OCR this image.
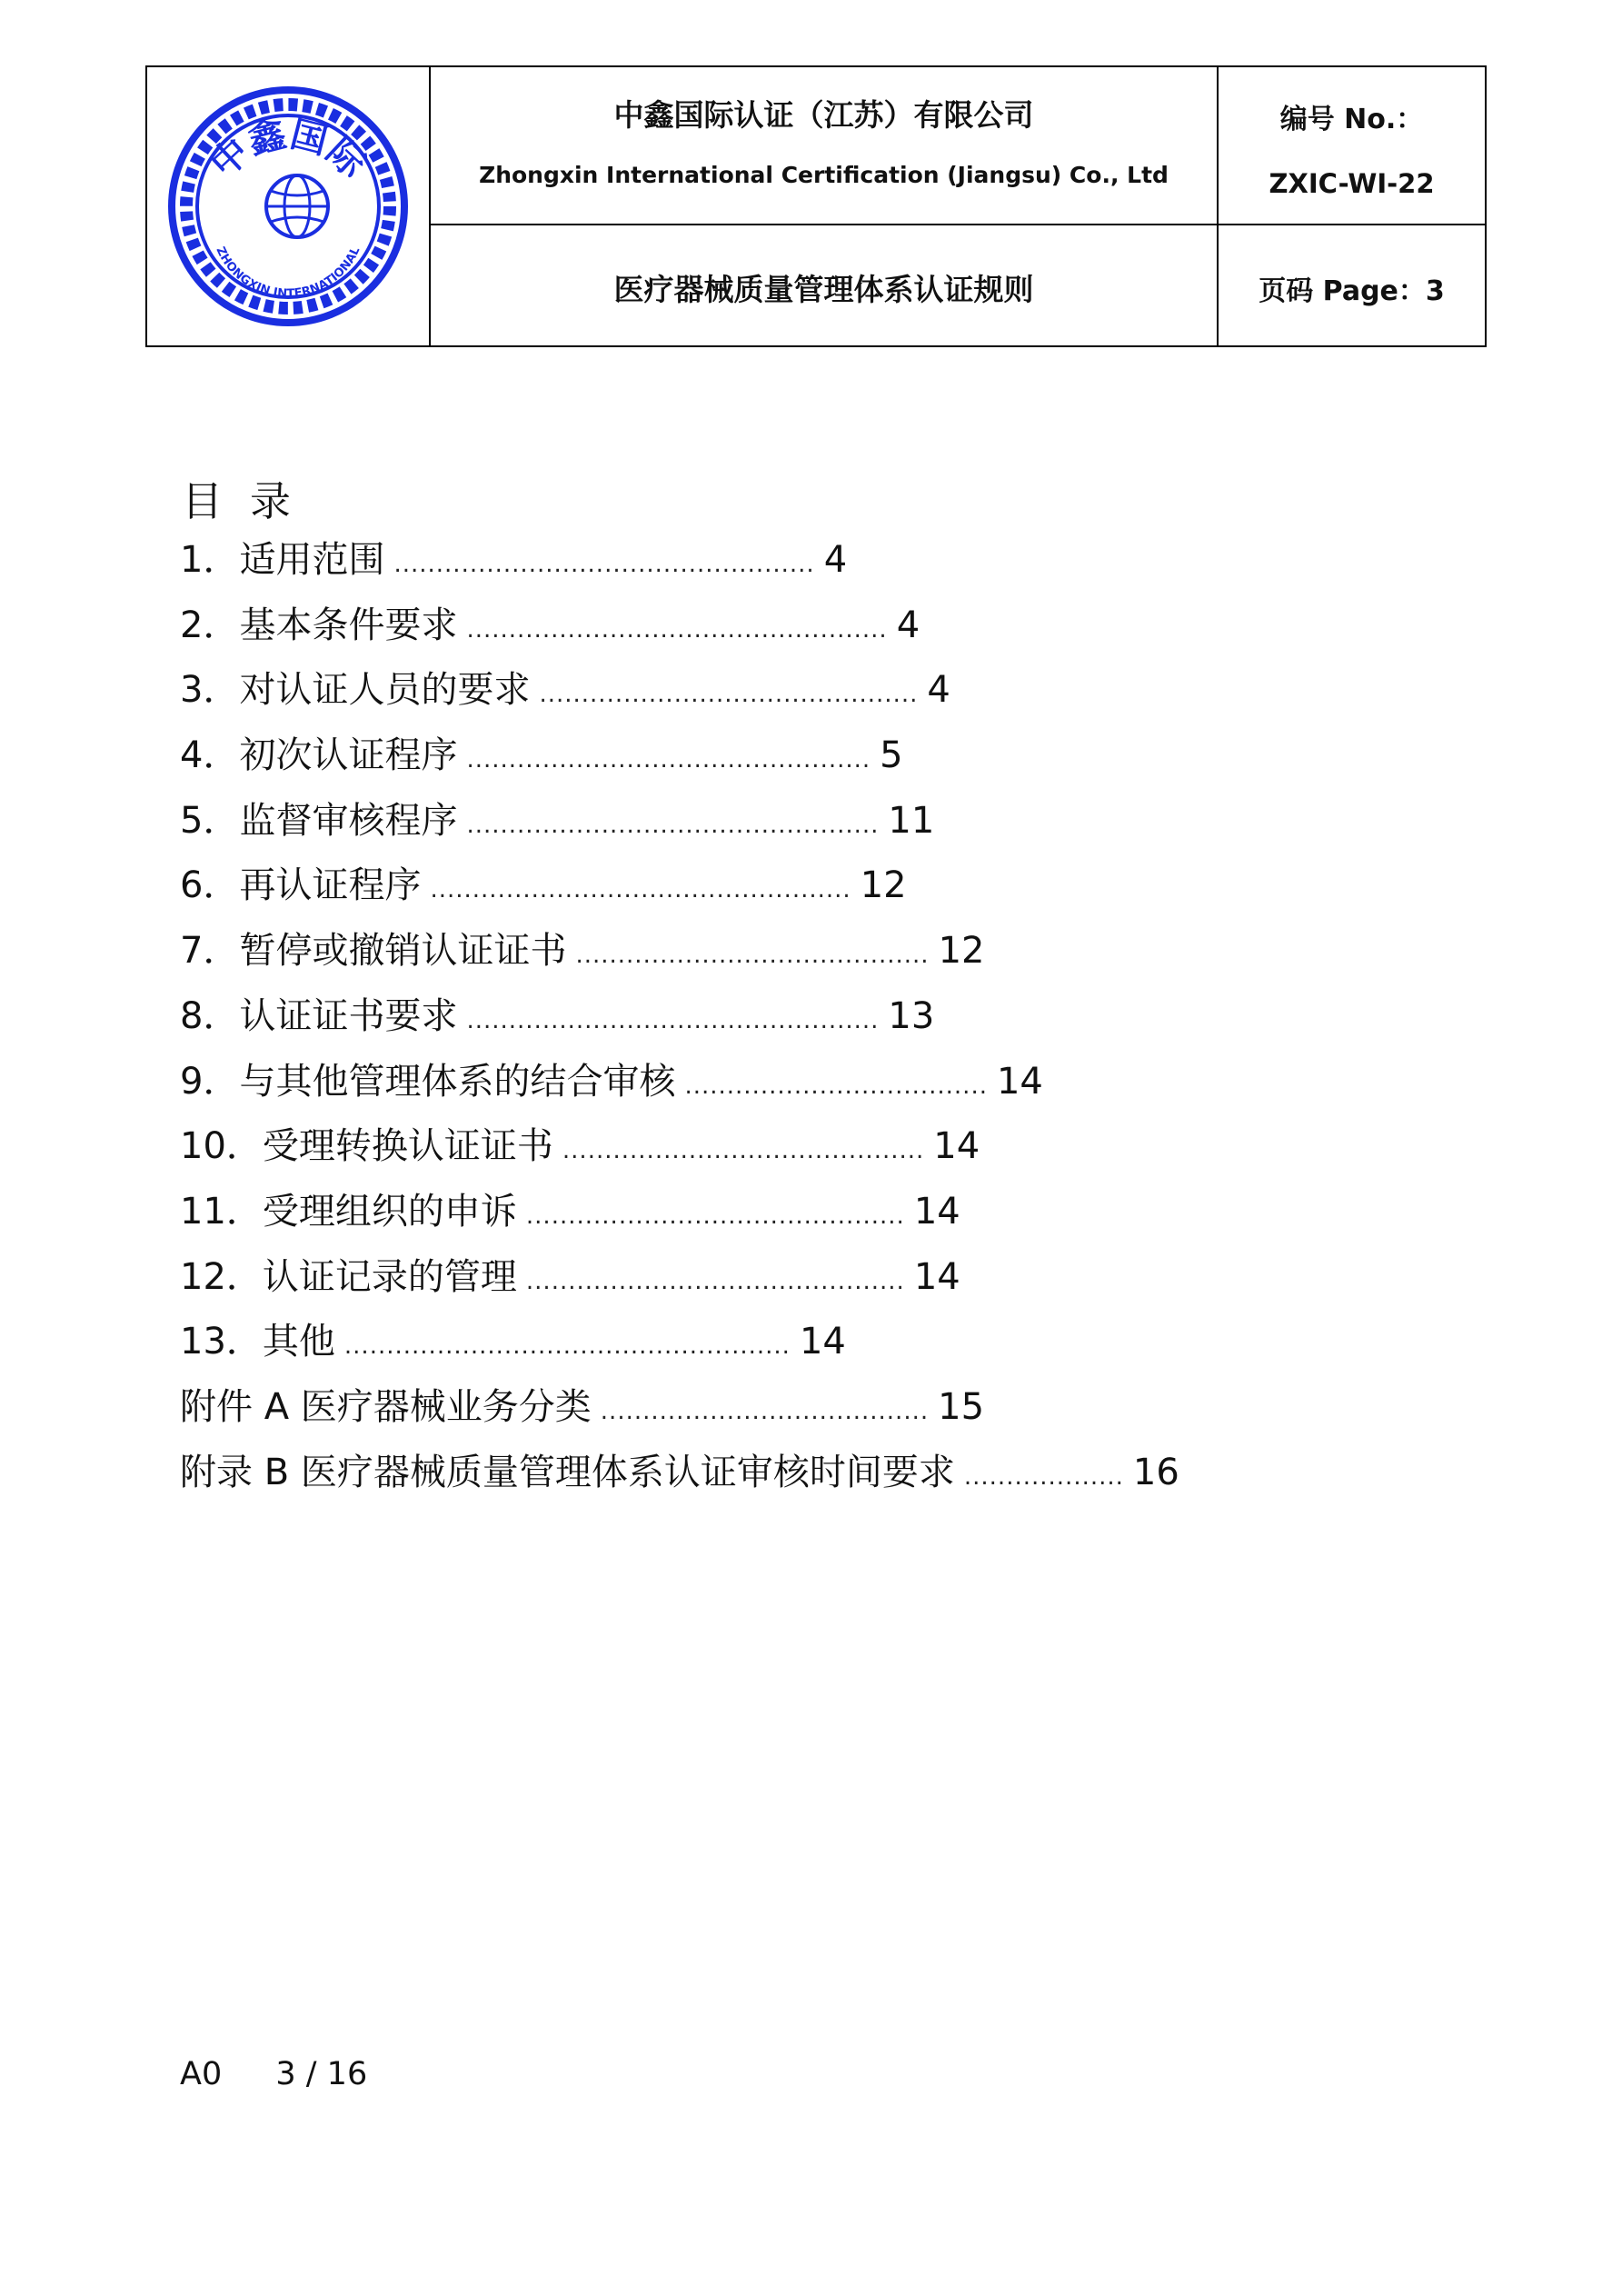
中鑫国际
ZHONGXIN INTERNATIONAL
中鑫国际认证（江苏）有限公司
Zhongxin International Certification (Jiangsu) Co., Ltd
医疗器械质量管理体系认证规则
编号 No.：
ZXIC-WI-22
页码 Page：3
目录
1．适用范围 .................................................. 4
2．基本条件要求 .................................................. 4
3．对认证人员的要求 ............................................. 4
4．初次认证程序 ................................................ 5
5．监督审核程序 ................................................. 11
6．再认证程序 .................................................. 12
7．暂停或撤销认证证书 .......................................... 12
8．认证证书要求 ................................................. 13
9．与其他管理体系的结合审核 .................................... 14
10．受理转换认证证书 ........................................... 14
11．受理组织的申诉 ............................................. 14
12．认证记录的管理 ............................................. 14
13．其他 ..................................................... 14
附件 A 医疗器械业务分类 ....................................... 15
附录 B 医疗器械质量管理体系认证审核时间要求 ................... 16
A0 3 / 16
